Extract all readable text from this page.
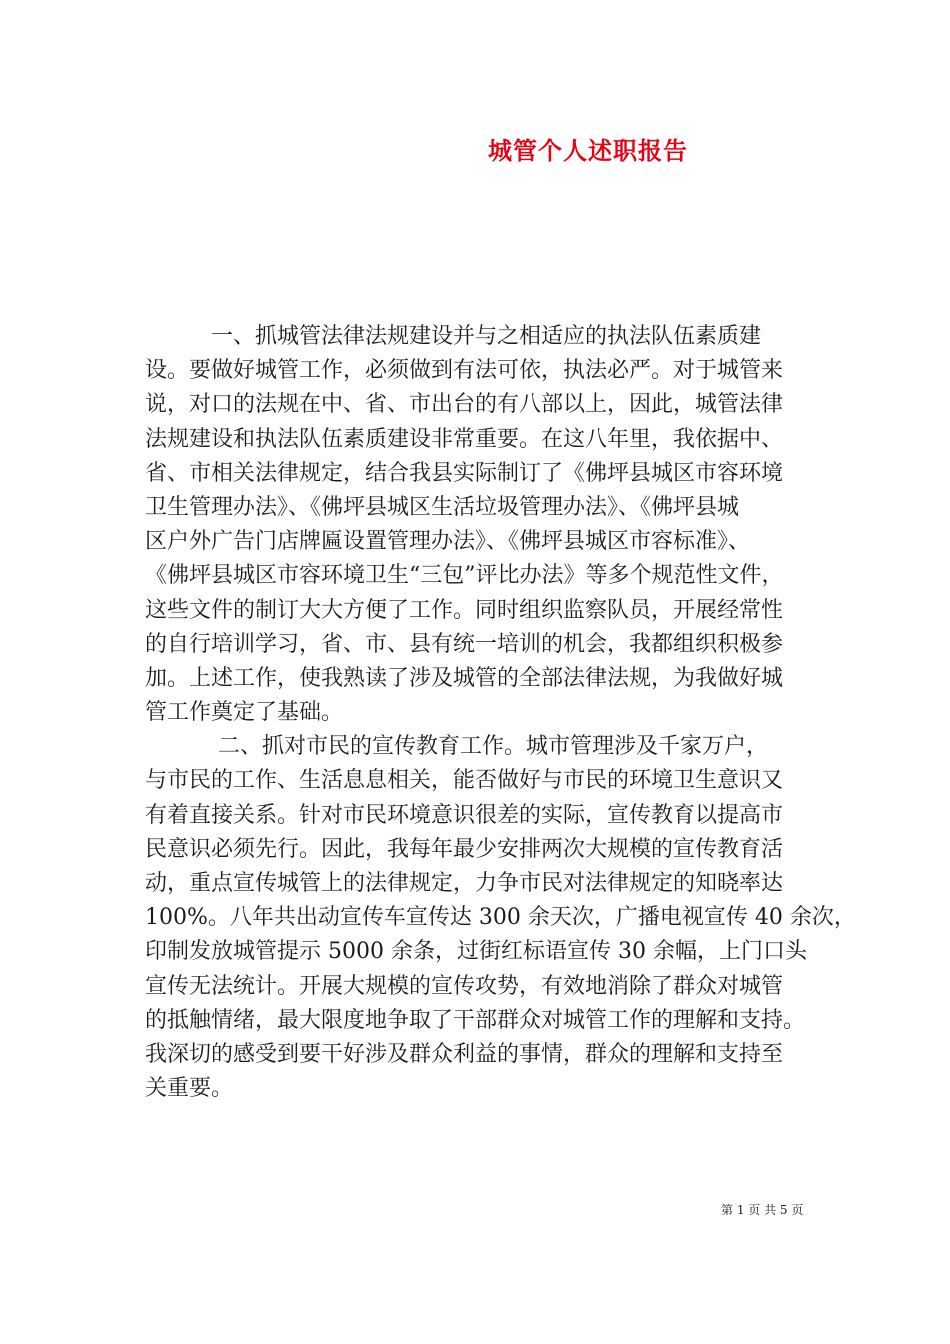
城管个人述职报告
　　　一、抓城管法律法规建设并与之相适应的执法队伍素质建
设。要做好城管工作，必须做到有法可依，执法必严。对于城管来
说，对口的法规在中、省、市出台的有八部以上，因此，城管法律
法规建设和执法队伍素质建设非常重要。在这八年里，我依据中、
省、市相关法律规定，结合我县实际制订了《佛坪县城区市容环境
卫生管理办法》、《佛坪县城区生活垃圾管理办法》、《佛坪县城
区户外广告门店牌匾设置管理办法》、《佛坪县城区市容标准》、
《佛坪县城区市容环境卫生“三包”评比办法》等多个规范性文件，
这些文件的制订大大方便了工作。同时组织监察队员，开展经常性
的自行培训学习，省、市、县有统一培训的机会，我都组织积极参
加。上述工作，使我熟读了涉及城管的全部法律法规，为我做好城
管工作奠定了基础。
　　　 二、抓对市民的宣传教育工作。城市管理涉及千家万户，
与市民的工作、生活息息相关，能否做好与市民的环境卫生意识又
有着直接关系。针对市民环境意识很差的实际，宣传教育以提高市
民意识必须先行。因此，我每年最少安排两次大规模的宣传教育活
动，重点宣传城管上的法律规定，力争市民对法律规定的知晓率达
100%。八年共出动宣传车宣传达 300 余天次，广播电视宣传 40 余次，
印制发放城管提示 5000 余条，过街红标语宣传 30 余幅，上门口头
宣传无法统计。开展大规模的宣传攻势，有效地消除了群众对城管
的抵触情绪，最大限度地争取了干部群众对城管工作的理解和支持。
我深切的感受到要干好涉及群众利益的事情，群众的理解和支持至
关重要。
第 1 页 共 5 页
